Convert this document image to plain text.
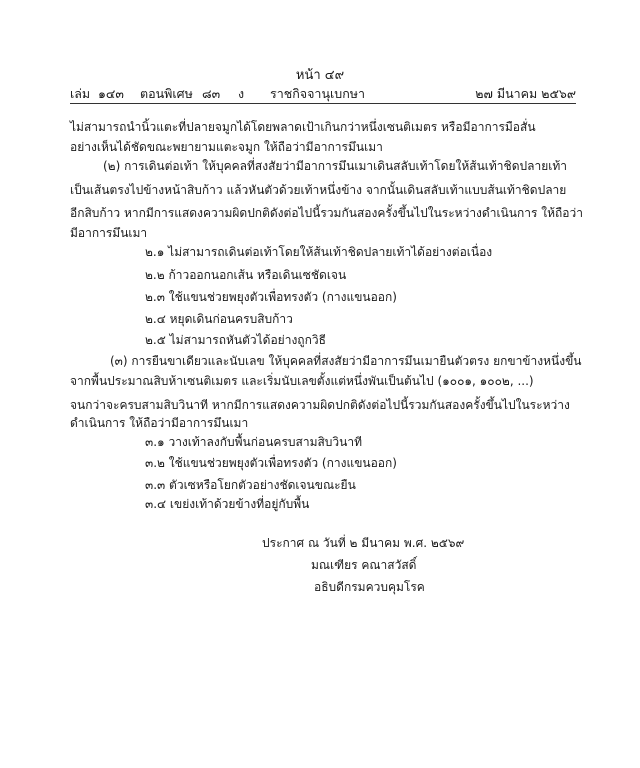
หน้า ๔๙
เล่ม ๑๔๓ ตอนพิเศษ ๘๓ ง ราชกิจจานุเบกษา	๒๗ มีนาคม ๒๕๖๙
ไม่สามารถนำนิ้วแตะที่ปลายจมูกได้โดยพลาดเป้าเกินกว่าหนึ่งเซนติเมตร หรือมีอาการมือสั่น
อย่างเห็นได้ชัดขณะพยายามแตะจมูก ให้ถือว่ามีอาการมึนเมา
(๒) การเดินต่อเท้า ให้บุคคลที่สงสัยว่ามีอาการมึนเมาเดินสลับเท้าโดยให้ส้นเท้าชิดปลายเท้า
เป็นเส้นตรงไปข้างหน้าสิบก้าว แล้วหันตัวด้วยเท้าหนึ่งข้าง จากนั้นเดินสลับเท้าแบบส้นเท้าชิดปลาย
อีกสิบก้าว หากมีการแสดงความผิดปกติดังต่อไปนี้รวมกันสองครั้งขึ้นไปในระหว่างดำเนินการ ให้ถือว่า
มีอาการมึนเมา
๒.๑ ไม่สามารถเดินต่อเท้าโดยให้ส้นเท้าชิดปลายเท้าได้อย่างต่อเนื่อง
๒.๒ ก้าวออกนอกเส้น หรือเดินเซชัดเจน
๒.๓ ใช้แขนช่วยพยุงตัวเพื่อทรงตัว (กางแขนออก)
๒.๔ หยุดเดินก่อนครบสิบก้าว
๒.๕ ไม่สามารถหันตัวได้อย่างถูกวิธี
(๓) การยืนขาเดียวและนับเลข ให้บุคคลที่สงสัยว่ามีอาการมึนเมายืนตัวตรง ยกขาข้างหนึ่งขึ้น
จากพื้นประมาณสิบห้าเซนติเมตร และเริ่มนับเลขตั้งแต่หนึ่งพันเป็นต้นไป (๑๐๐๑, ๑๐๐๒, ...)
จนกว่าจะครบสามสิบวินาที หากมีการแสดงความผิดปกติดังต่อไปนี้รวมกันสองครั้งขึ้นไปในระหว่าง
ดำเนินการ ให้ถือว่ามีอาการมึนเมา
๓.๑ วางเท้าลงกับพื้นก่อนครบสามสิบวินาที
๓.๒ ใช้แขนช่วยพยุงตัวเพื่อทรงตัว (กางแขนออก)
๓.๓ ตัวเซหรือโยกตัวอย่างชัดเจนขณะยืน
๓.๔ เขย่งเท้าด้วยข้างที่อยู่กับพื้น
ประกาศ ณ วันที่ ๒ มีนาคม พ.ศ. ๒๕๖๙
มณเฑียร คณาสวัสดิ์
อธิบดีกรมควบคุมโรค
